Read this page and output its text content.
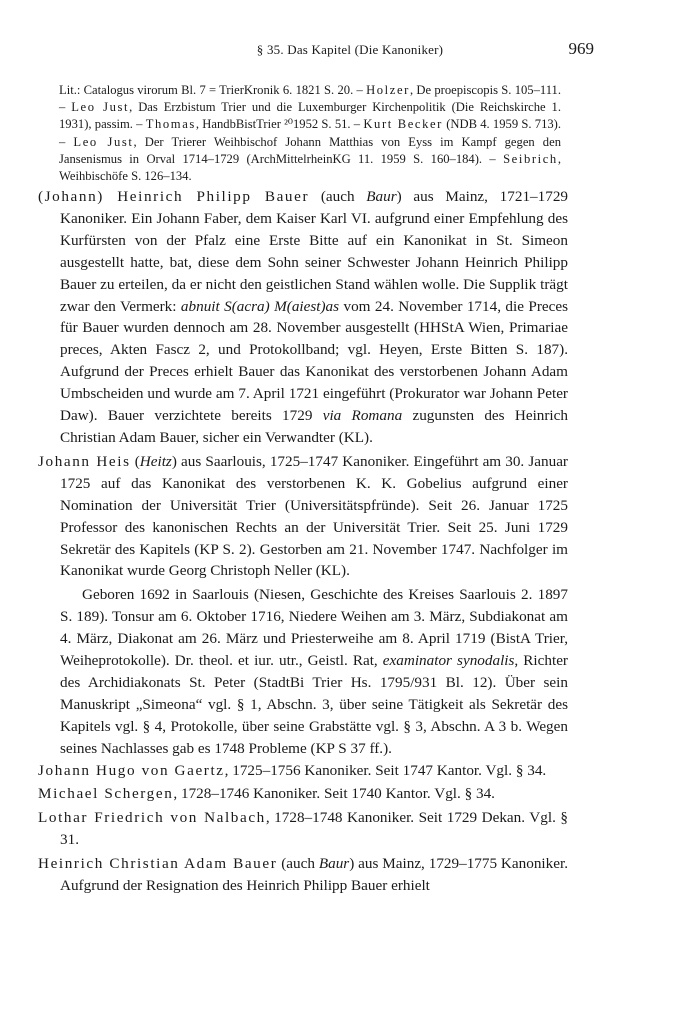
§ 35. Das Kapitel (Die Kanoniker)	969
Lit.: Catalogus virorum Bl. 7 = TrierKronik 6. 1821 S. 20. – Holzer, De proepiscopis S. 105–111. – Leo Just, Das Erzbistum Trier und die Luxemburger Kirchenpolitik (Die Reichskirche 1. 1931), passim. – Thomas, HandbBistTrier ²⁰1952 S. 51. – Kurt Becker (NDB 4. 1959 S. 713). – Leo Just, Der Trierer Weihbischof Johann Matthias von Eyss im Kampf gegen den Jansenismus in Orval 1714–1729 (ArchMittelrheinKG 11. 1959 S. 160–184). – Seibrich, Weihbischöfe S. 126–134.

(Johann) Heinrich Philipp Bauer (auch Baur) aus Mainz, 1721–1729 Kanoniker. Ein Johann Faber, dem Kaiser Karl VI. aufgrund einer Empfehlung des Kurfürsten von der Pfalz eine Erste Bitte auf ein Kanonikat in St. Simeon ausgestellt hatte, bat, diese dem Sohn seiner Schwester Johann Heinrich Philipp Bauer zu erteilen, da er nicht den geistlichen Stand wählen wolle. Die Supplik trägt zwar den Vermerk: abnuit S(acra) M(aiest)as vom 24. November 1714, die Preces für Bauer wurden dennoch am 28. November ausgestellt (HHStA Wien, Primariae preces, Akten Fascz 2, und Protokollband; vgl. Heyen, Erste Bitten S. 187). Aufgrund der Preces erhielt Bauer das Kanonikat des verstorbenen Johann Adam Umbscheiden und wurde am 7. April 1721 eingeführt (Prokurator war Johann Peter Daw). Bauer verzichtete bereits 1729 via Romana zugunsten des Heinrich Christian Adam Bauer, sicher ein Verwandter (KL).

Johann Heis (Heitz) aus Saarlouis, 1725–1747 Kanoniker. Eingeführt am 30. Januar 1725 auf das Kanonikat des verstorbenen K. K. Gobelius aufgrund einer Nomination der Universität Trier (Universitätspfründe). Seit 26. Januar 1725 Professor des kanonischen Rechts an der Universität Trier. Seit 25. Juni 1729 Sekretär des Kapitels (KP S. 2). Gestorben am 21. November 1747. Nachfolger im Kanonikat wurde Georg Christoph Neller (KL).

Geboren 1692 in Saarlouis (Niesen, Geschichte des Kreises Saarlouis 2. 1897 S. 189). Tonsur am 6. Oktober 1716, Niedere Weihen am 3. März, Subdiakonat am 4. März, Diakonat am 26. März und Priesterweihe am 8. April 1719 (BistA Trier, Weiheprotokolle). Dr. theol. et iur. utr., Geistl. Rat, examinator synodalis, Richter des Archidiakonats St. Peter (StadtBi Trier Hs. 1795/931 Bl. 12). Über sein Manuskript „Simeona“ vgl. § 1, Abschn. 3, über seine Tätigkeit als Sekretär des Kapitels vgl. § 4, Protokolle, über seine Grabstätte vgl. § 3, Abschn. A 3 b. Wegen seines Nachlasses gab es 1748 Probleme (KP S 37 ff.).

Johann Hugo von Gaertz, 1725–1756 Kanoniker. Seit 1747 Kantor. Vgl. § 34.

Michael Schergen, 1728–1746 Kanoniker. Seit 1740 Kantor. Vgl. § 34.

Lothar Friedrich von Nalbach, 1728–1748 Kanoniker. Seit 1729 Dekan. Vgl. § 31.

Heinrich Christian Adam Bauer (auch Baur) aus Mainz, 1729–1775 Kanoniker. Aufgrund der Resignation des Heinrich Philipp Bauer erhielt
